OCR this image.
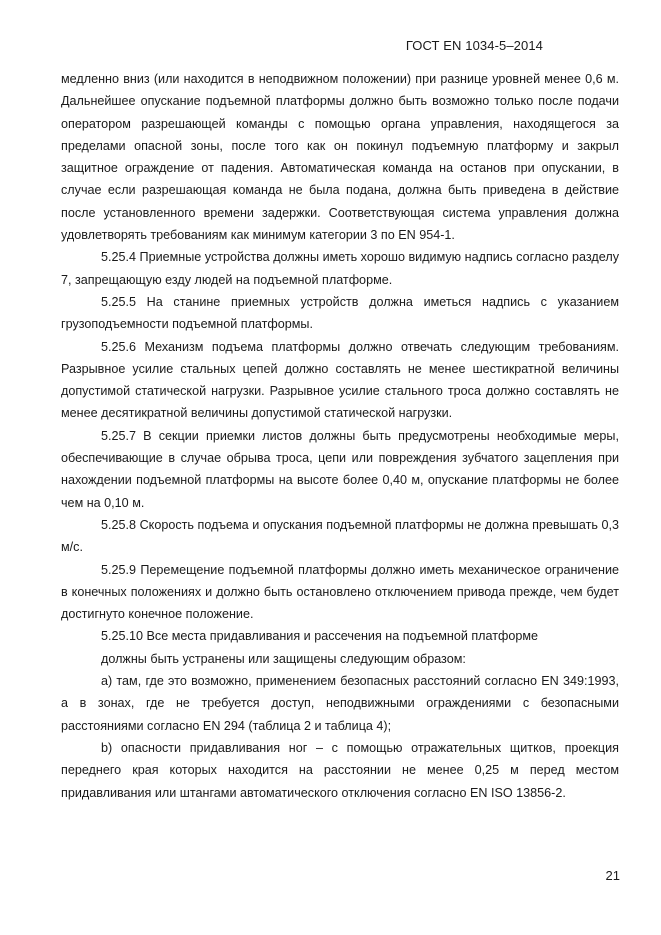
ГОСТ EN 1034-5–2014

медленно вниз (или находится в неподвижном положении) при разнице уровней менее 0,6 м. Дальнейшее опускание подъемной платформы должно быть возможно только после подачи оператором разрешающей команды с помощью органа управления, находящегося за пределами опасной зоны, после того как он покинул подъемную платформу и закрыл защитное ограждение от падения. Автоматическая команда на останов при опускании, в случае если разрешающая команда не была подана, должна быть приведена в действие после установленного времени задержки. Соответствующая система управления должна удовлетворять требованиям как минимум категории 3 по EN 954-1.

5.25.4 Приемные устройства должны иметь хорошо видимую надпись согласно разделу 7, запрещающую езду людей на подъемной платформе.

5.25.5 На станине приемных устройств должна иметься надпись с указанием грузоподъемности подъемной платформы.

5.25.6 Механизм подъема платформы должно отвечать следующим требованиям. Разрывное усилие стальных цепей должно составлять не менее шестикратной величины допустимой статической нагрузки. Разрывное усилие стального троса должно составлять не менее десятикратной величины допустимой статической нагрузки.

5.25.7 В секции приемки листов должны быть предусмотрены необходимые меры, обеспечивающие в случае обрыва троса, цепи или повреждения зубчатого зацепления при нахождении подъемной платформы на высоте более 0,40 м, опускание платформы не более чем на 0,10 м.

5.25.8 Скорость подъема и опускания подъемной платформы не должна превышать 0,3 м/с.

5.25.9 Перемещение подъемной платформы должно иметь механическое ограничение в конечных положениях и должно быть остановлено отключением привода прежде, чем будет достигнуто конечное положение.

5.25.10 Все места придавливания и рассечения на подъемной платформе

должны быть устранены или защищены следующим образом:

а) там, где это возможно, применением безопасных расстояний согласно EN 349:1993, а в зонах, где не требуется доступ, неподвижными ограждениями с безопасными расстояниями согласно EN 294 (таблица 2 и таблица 4);

b) опасности придавливания ног – с помощью отражательных щитков, проекция переднего края которых находится на расстоянии не менее 0,25 м перед местом придавливания или штангами автоматического отключения согласно EN ISO 13856-2.

21
